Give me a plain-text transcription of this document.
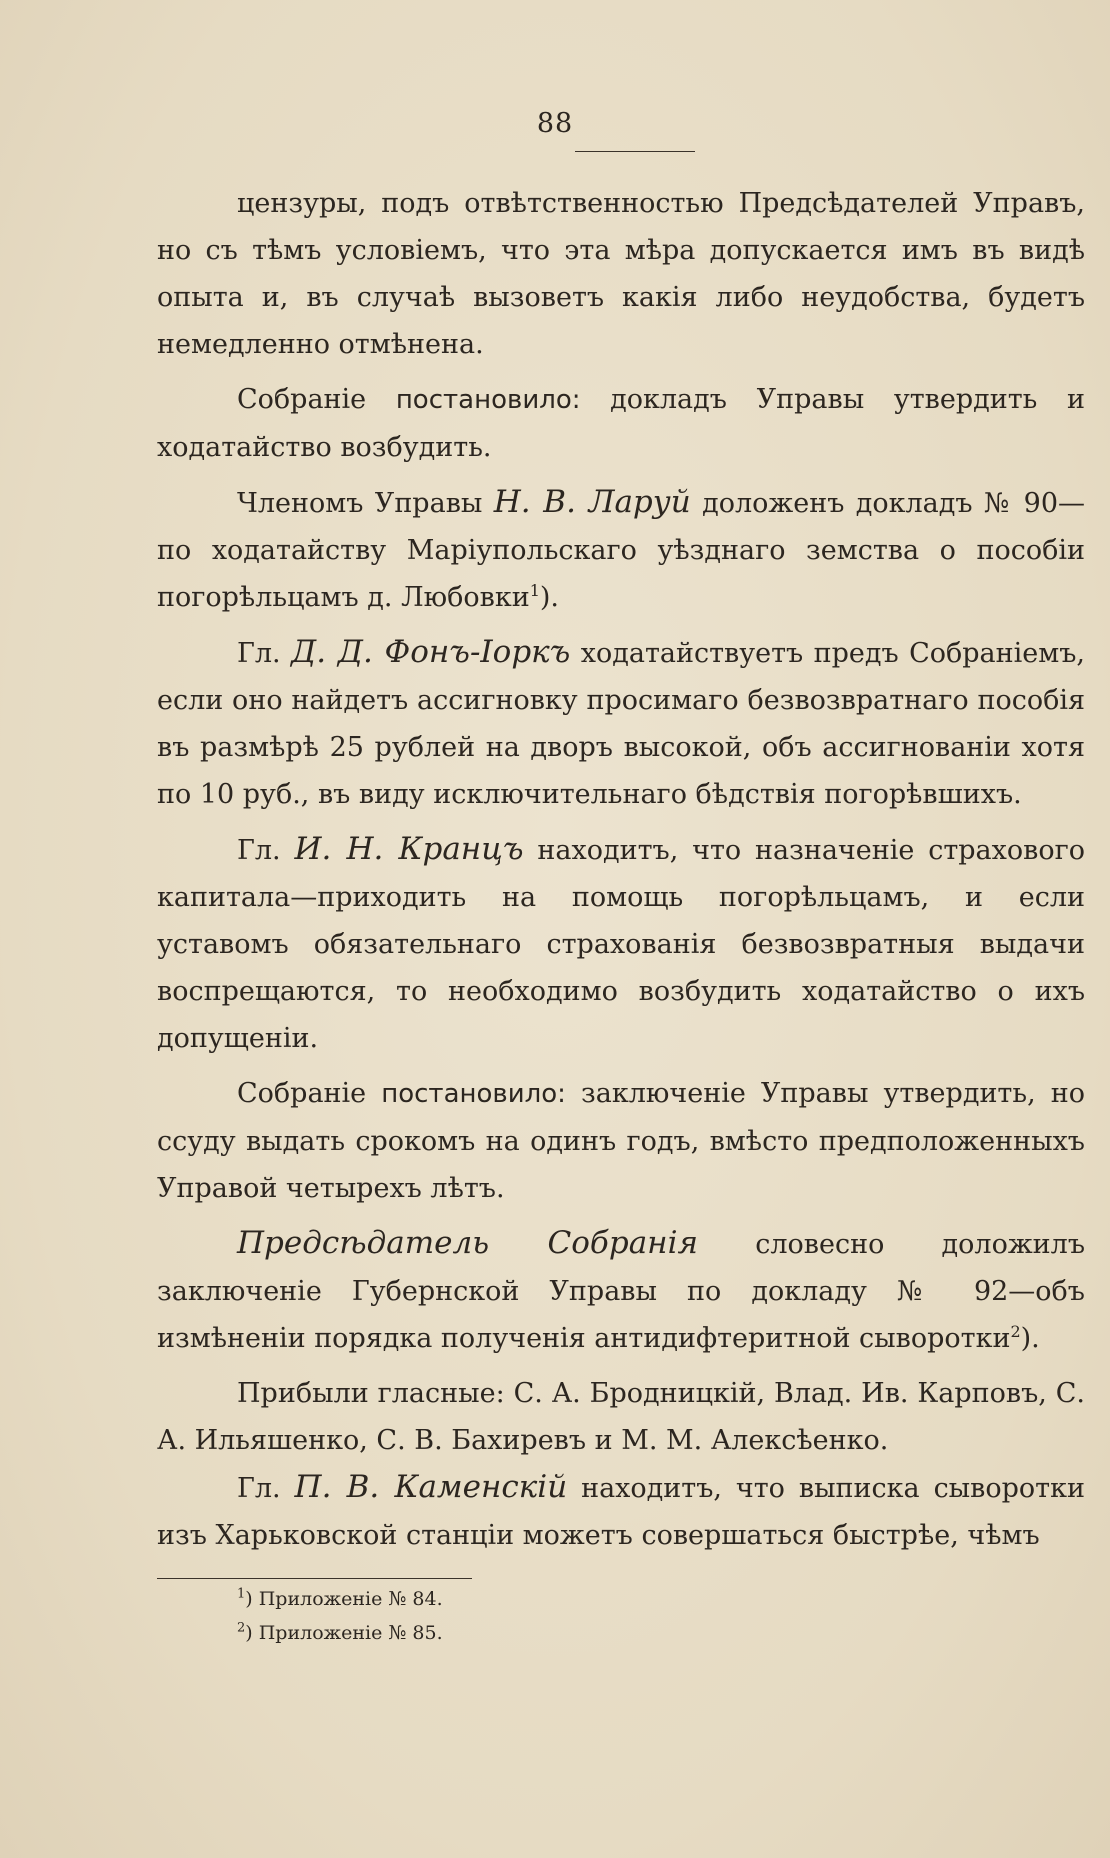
88

цензуры, подъ отвѣтственностью Предсѣдателей Управъ, но съ тѣмъ условіемъ, что эта мѣра допускается имъ въ видѣ опыта и, въ случаѣ вызоветъ какія либо неудобства, будетъ немедленно отмѣнена.

Собраніе постановило: докладъ Управы утвердить и ходатайство возбудить.

Членомъ Управы Н. В. Ларуй доложенъ докладъ № 90—по ходатайству Маріупольскаго уѣзднаго земства о пособіи погорѣльцамъ д. Любовки$^1$).

Гл. Д. Д. Фонъ-Іоркъ ходатайствуетъ предъ Собраніемъ, если оно найдетъ ассигновку просимаго безвозвратнаго пособія въ размѣрѣ 25 рублей на дворъ высокой, объ ассигнованіи хотя по 10 руб., въ виду исключительнаго бѣдствія погорѣвшихъ.

Гл. И. Н. Кранцъ находитъ, что назначеніе страхового капитала—приходить на помощь погорѣльцамъ, и если уставомъ обязательнаго страхованія безвозвратныя выдачи воспрещаются, то необходимо возбудить ходатайство о ихъ допущеніи.

Собраніе постановило: заключеніе Управы утвердить, но ссуду выдать срокомъ на одинъ годъ, вмѣсто предположенныхъ Управой четырехъ лѣтъ.

Предсѣдатель Собранія словесно доложилъ заключеніе Губернской Управы по докладу № 92—объ измѣненіи порядка полученія антидифтеритной сыворотки$^2$).

Прибыли гласные: С. А. Бродницкій, Влад. Ив. Карповъ, С. А. Ильяшенко, С. В. Бахиревъ и М. М. Алексѣенко.

Гл. П. В. Каменскій находитъ, что выписка сыворотки изъ Харьковской станціи можетъ совершаться быстрѣе, чѣмъ

$^1$) Приложеніе № 84.
$^2$) Приложеніе № 85.
